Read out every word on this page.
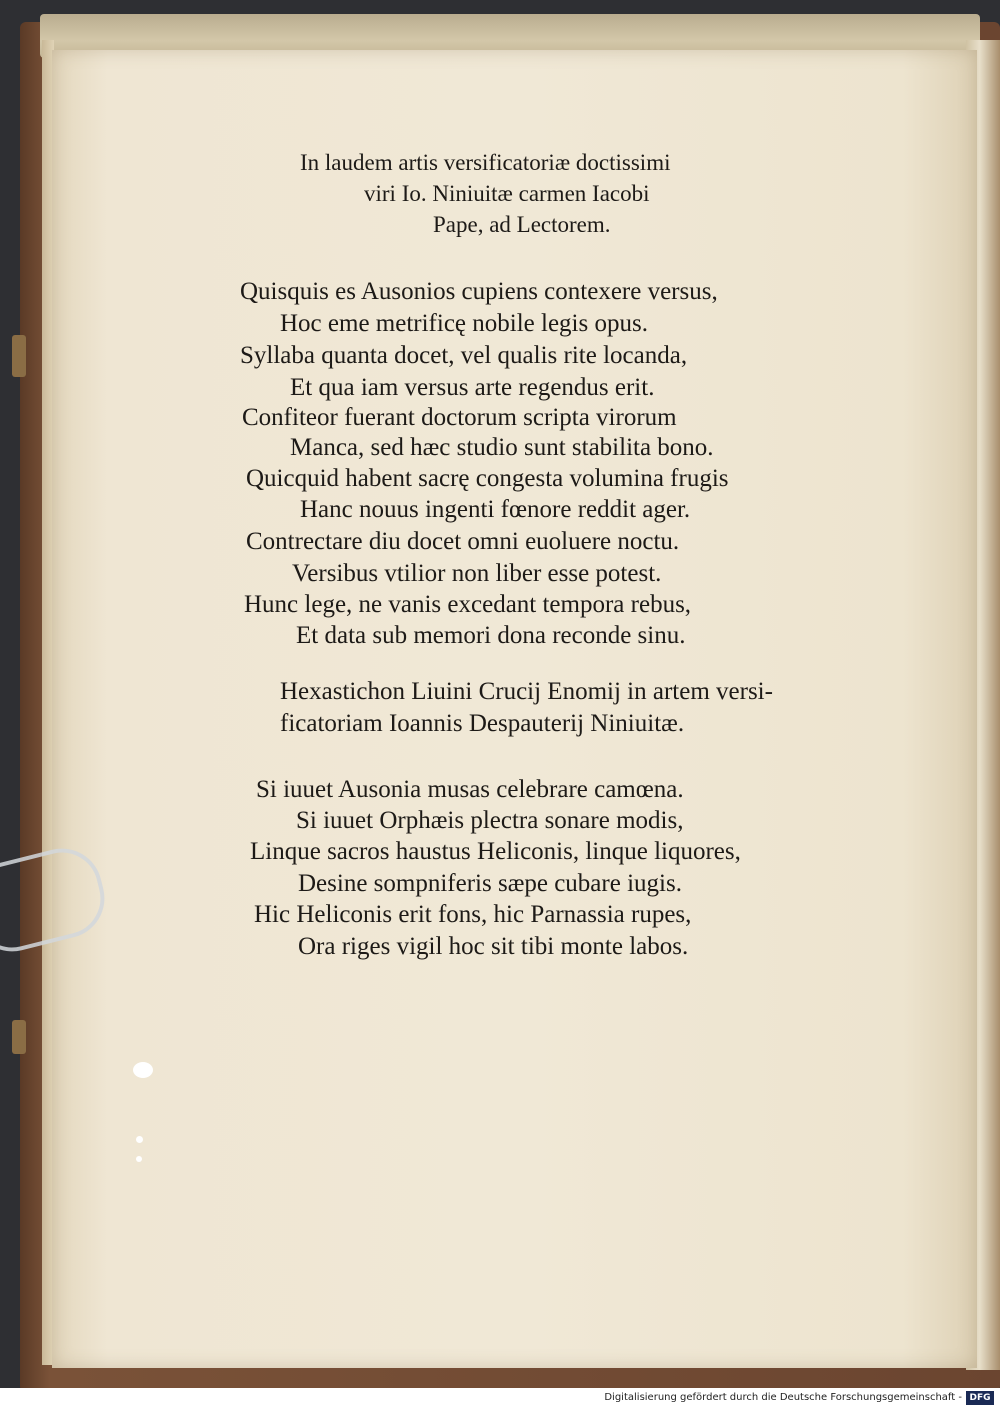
In laudem artis versificatoriæ doctissimi
viri Io. Niniuitæ carmen Iacobi
Pape, ad Lectorem.
Quisquis es Ausonios cupiens contexere versus,
Hoc eme metrificę nobile legis opus.
Syllaba quanta docet, vel qualis rite locanda,
Et qua iam versus arte regendus erit.
Confiteor fuerant doctorum scripta virorum
Manca, sed hæc studio sunt stabilita bono.
Quicquid habent sacrę congesta volumina frugis
Hanc nouus ingenti fœnore reddit ager.
Contrectare diu docet omni euoluere noctu.
Versibus vtilior non liber esse potest.
Hunc lege, ne vanis excedant tempora rebus,
Et data sub memori dona reconde sinu.
Hexastichon Liuini Crucij Enomij in artem versi-
ficatoriam Ioannis Despauterij Niniuitæ.
Si iuuet Ausonia musas celebrare camœna.
Si iuuet Orphæis plectra sonare modis,
Linque sacros haustus Heliconis, linque liquores,
Desine sompniferis sæpe cubare iugis.
Hic Heliconis erit fons, hic Parnassia rupes,
Ora riges vigil hoc sit tibi monte labos.
Digitalisierung gefördert durch die Deutsche Forschungsgemeinschaft - DFG
